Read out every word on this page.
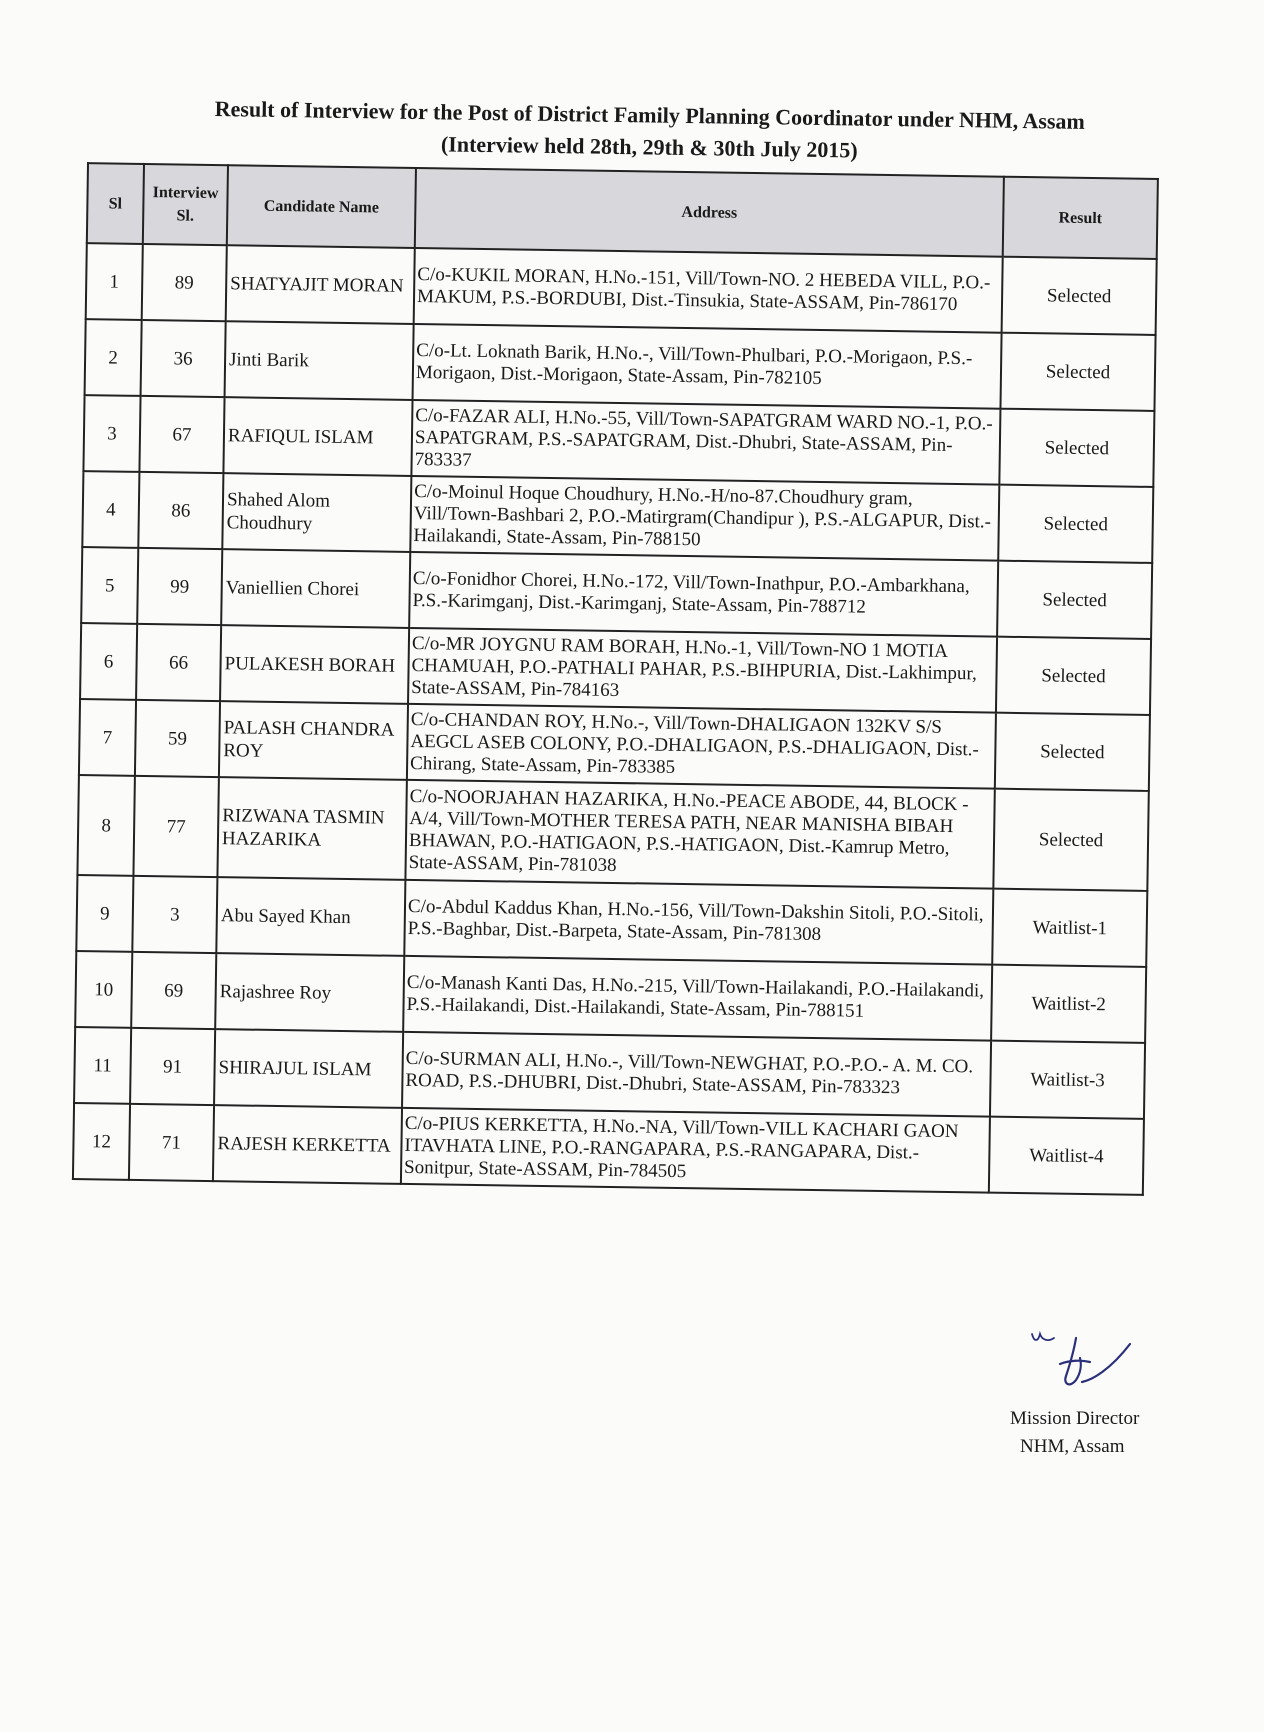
Result of Interview for the Post of District Family Planning Coordinator under NHM, Assam
(Interview held 28th, 29th & 30th July 2015)
Sl	Interview Sl.	Candidate Name	Address	Result
1	89	SHATYAJIT MORAN	C/o-KUKIL MORAN, H.No.-151, Vill/Town-NO. 2 HEBEDA VILL, P.O.-MAKUM, P.S.-BORDUBI, Dist.-Tinsukia, State-ASSAM, Pin-786170	Selected
2	36	Jinti Barik	C/o-Lt. Loknath Barik, H.No.-, Vill/Town-Phulbari, P.O.-Morigaon, P.S.-Morigaon, Dist.-Morigaon, State-Assam, Pin-782105	Selected
3	67	RAFIQUL ISLAM	C/o-FAZAR ALI, H.No.-55, Vill/Town-SAPATGRAM WARD NO.-1, P.O.-SAPATGRAM, P.S.-SAPATGRAM, Dist.-Dhubri, State-ASSAM, Pin-783337	Selected
4	86	Shahed Alom Choudhury	C/o-Moinul Hoque Choudhury, H.No.-H/no-87.Choudhury gram, Vill/Town-Bashbari 2, P.O.-Matirgram(Chandipur ), P.S.-ALGAPUR, Dist.-Hailakandi, State-Assam, Pin-788150	Selected
5	99	Vaniellien Chorei	C/o-Fonidhor Chorei, H.No.-172, Vill/Town-Inathpur, P.O.-Ambarkhana, P.S.-Karimganj, Dist.-Karimganj, State-Assam, Pin-788712	Selected
6	66	PULAKESH BORAH	C/o-MR JOYGNU RAM BORAH, H.No.-1, Vill/Town-NO 1 MOTIA CHAMUAH, P.O.-PATHALI PAHAR, P.S.-BIHPURIA, Dist.-Lakhimpur, State-ASSAM, Pin-784163	Selected
7	59	PALASH CHANDRA ROY	C/o-CHANDAN ROY, H.No.-, Vill/Town-DHALIGAON 132KV S/S AEGCL ASEB COLONY, P.O.-DHALIGAON, P.S.-DHALIGAON, Dist.-Chirang, State-Assam, Pin-783385	Selected
8	77	RIZWANA TASMIN HAZARIKA	C/o-NOORJAHAN HAZARIKA, H.No.-PEACE ABODE, 44, BLOCK -A/4, Vill/Town-MOTHER TERESA PATH, NEAR MANISHA BIBAH BHAWAN, P.O.-HATIGAON, P.S.-HATIGAON, Dist.-Kamrup Metro, State-ASSAM, Pin-781038	Selected
9	3	Abu Sayed Khan	C/o-Abdul Kaddus Khan, H.No.-156, Vill/Town-Dakshin Sitoli, P.O.-Sitoli, P.S.-Baghbar, Dist.-Barpeta, State-Assam, Pin-781308	Waitlist-1
10	69	Rajashree Roy	C/o-Manash Kanti Das, H.No.-215, Vill/Town-Hailakandi, P.O.-Hailakandi, P.S.-Hailakandi, Dist.-Hailakandi, State-Assam, Pin-788151	Waitlist-2
11	91	SHIRAJUL ISLAM	C/o-SURMAN ALI, H.No.-, Vill/Town-NEWGHAT, P.O.-P.O.- A. M. CO. ROAD, P.S.-DHUBRI, Dist.-Dhubri, State-ASSAM, Pin-783323	Waitlist-3
12	71	RAJESH KERKETTA	C/o-PIUS KERKETTA, H.No.-NA, Vill/Town-VILL KACHARI GAON ITAVHATA LINE, P.O.-RANGAPARA, P.S.-RANGAPARA, Dist.-Sonitpur, State-ASSAM, Pin-784505	Waitlist-4
Mission Director
NHM, Assam
